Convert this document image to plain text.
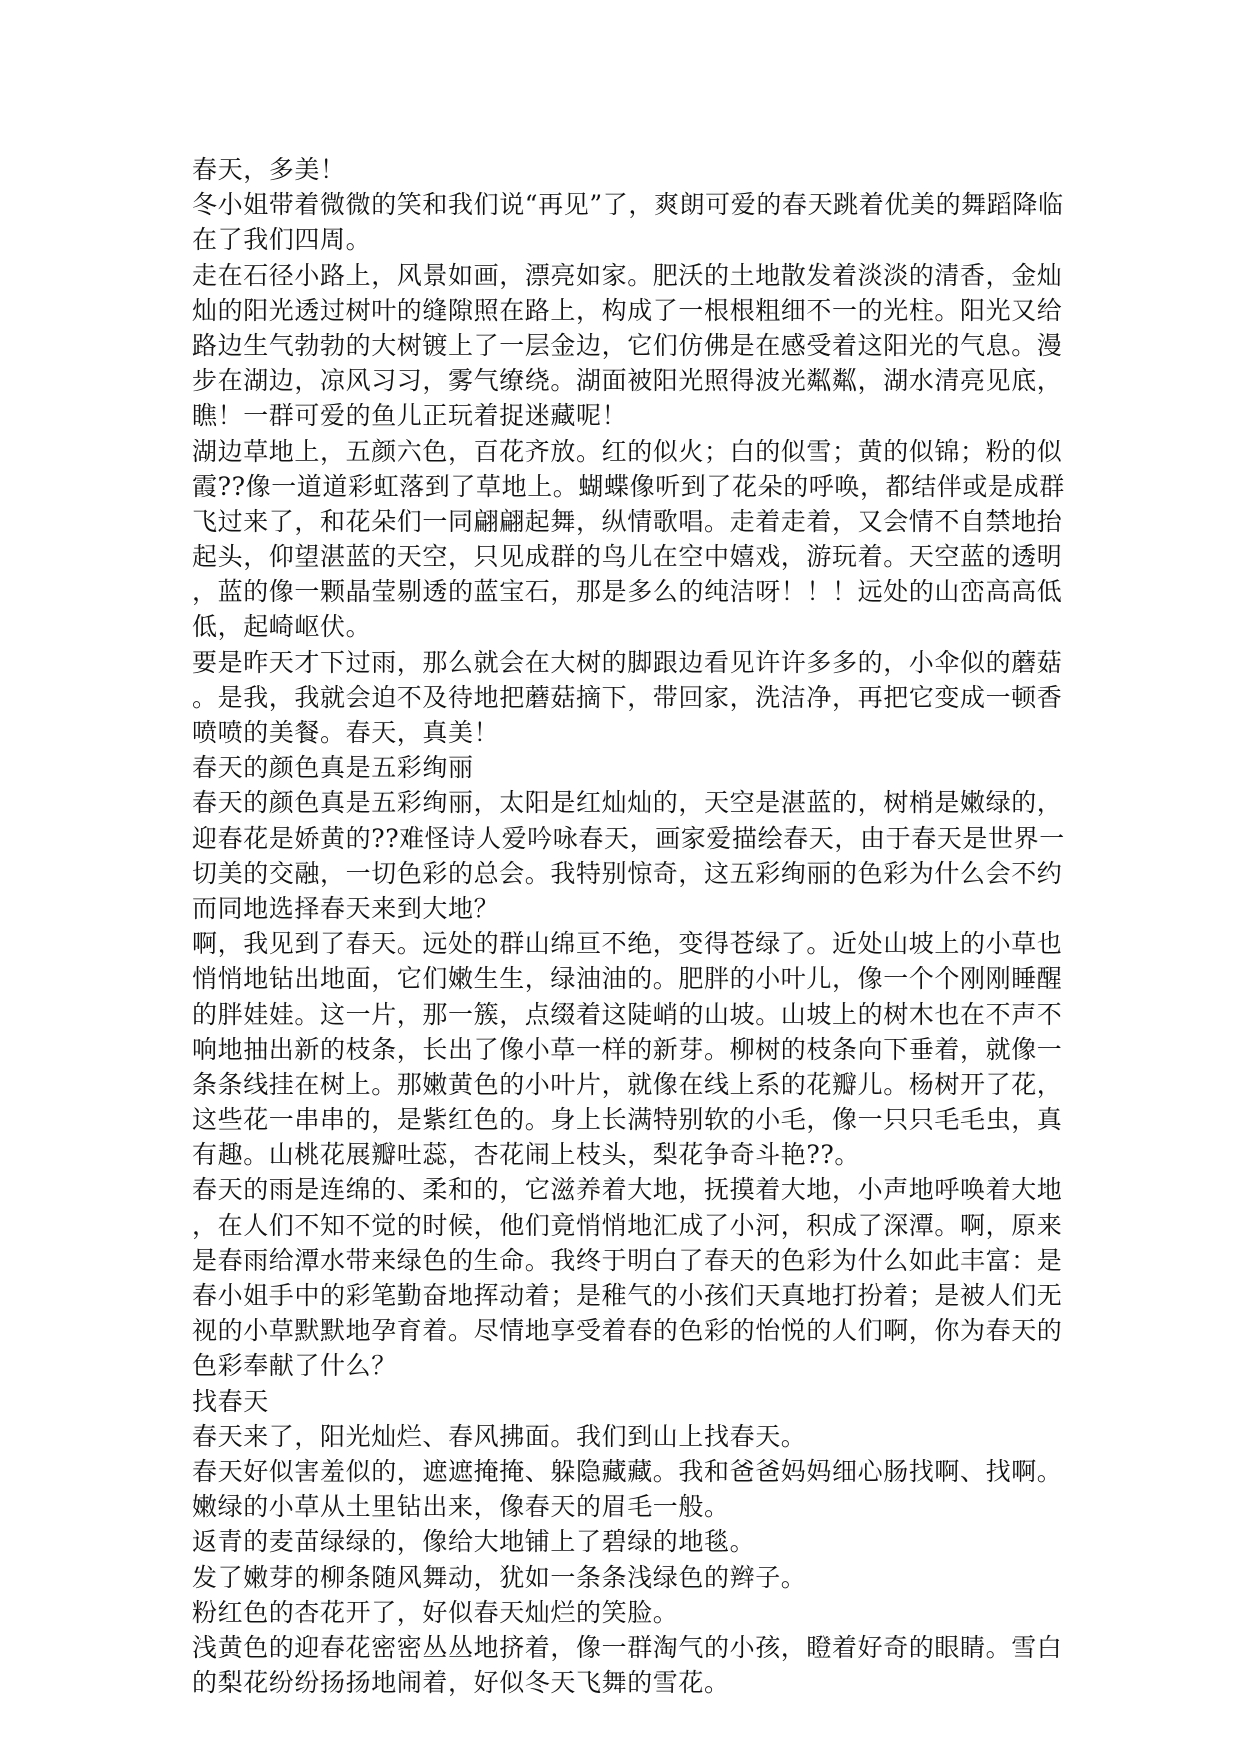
春天，多美！
冬小姐带着微微的笑和我们说“再见”了，爽朗可爱的春天跳着优美的舞蹈降临
在了我们四周。
走在石径小路上，风景如画，漂亮如家。肥沃的土地散发着淡淡的清香，金灿
灿的阳光透过树叶的缝隙照在路上，构成了一根根粗细不一的光柱。阳光又给
路边生气勃勃的大树镀上了一层金边，它们仿佛是在感受着这阳光的气息。漫
步在湖边，凉风习习，雾气缭绕。湖面被阳光照得波光粼粼，湖水清亮见底，
瞧！一群可爱的鱼儿正玩着捉迷藏呢！
湖边草地上，五颜六色，百花齐放。红的似火；白的似雪；黄的似锦；粉的似
霞??像一道道彩虹落到了草地上。蝴蝶像听到了花朵的呼唤，都结伴或是成群
飞过来了，和花朵们一同翩翩起舞，纵情歌唱。走着走着，又会情不自禁地抬
起头，仰望湛蓝的天空，只见成群的鸟儿在空中嬉戏，游玩着。天空蓝的透明
，蓝的像一颗晶莹剔透的蓝宝石，那是多么的纯洁呀！！！远处的山峦高高低
低，起崎岖伏。
要是昨天才下过雨，那么就会在大树的脚跟边看见许许多多的，小伞似的蘑菇
。是我，我就会迫不及待地把蘑菇摘下，带回家，洗洁净，再把它变成一顿香
喷喷的美餐。春天，真美！
春天的颜色真是五彩绚丽
春天的颜色真是五彩绚丽，太阳是红灿灿的，天空是湛蓝的，树梢是嫩绿的，
迎春花是娇黄的??难怪诗人爱吟咏春天，画家爱描绘春天，由于春天是世界一
切美的交融，一切色彩的总会。我特别惊奇，这五彩绚丽的色彩为什么会不约
而同地选择春天来到大地？
啊，我见到了春天。远处的群山绵亘不绝，变得苍绿了。近处山坡上的小草也
悄悄地钻出地面，它们嫩生生，绿油油的。肥胖的小叶儿，像一个个刚刚睡醒
的胖娃娃。这一片，那一簇，点缀着这陡峭的山坡。山坡上的树木也在不声不
响地抽出新的枝条，长出了像小草一样的新芽。柳树的枝条向下垂着，就像一
条条线挂在树上。那嫩黄色的小叶片，就像在线上系的花瓣儿。杨树开了花，
这些花一串串的，是紫红色的。身上长满特别软的小毛，像一只只毛毛虫，真
有趣。山桃花展瓣吐蕊，杏花闹上枝头，梨花争奇斗艳??。
春天的雨是连绵的、柔和的，它滋养着大地，抚摸着大地，小声地呼唤着大地
，在人们不知不觉的时候，他们竟悄悄地汇成了小河，积成了深潭。啊，原来
是春雨给潭水带来绿色的生命。我终于明白了春天的色彩为什么如此丰富：是
春小姐手中的彩笔勤奋地挥动着；是稚气的小孩们天真地打扮着；是被人们无
视的小草默默地孕育着。尽情地享受着春的色彩的怡悦的人们啊，你为春天的
色彩奉献了什么？
找春天
春天来了，阳光灿烂、春风拂面。我们到山上找春天。
春天好似害羞似的，遮遮掩掩、躲隐藏藏。我和爸爸妈妈细心肠找啊、找啊。
嫩绿的小草从土里钻出来，像春天的眉毛一般。
返青的麦苗绿绿的，像给大地铺上了碧绿的地毯。
发了嫩芽的柳条随风舞动，犹如一条条浅绿色的辫子。
粉红色的杏花开了，好似春天灿烂的笑脸。
浅黄色的迎春花密密丛丛地挤着，像一群淘气的小孩，瞪着好奇的眼睛。雪白
的梨花纷纷扬扬地闹着，好似冬天飞舞的雪花。
